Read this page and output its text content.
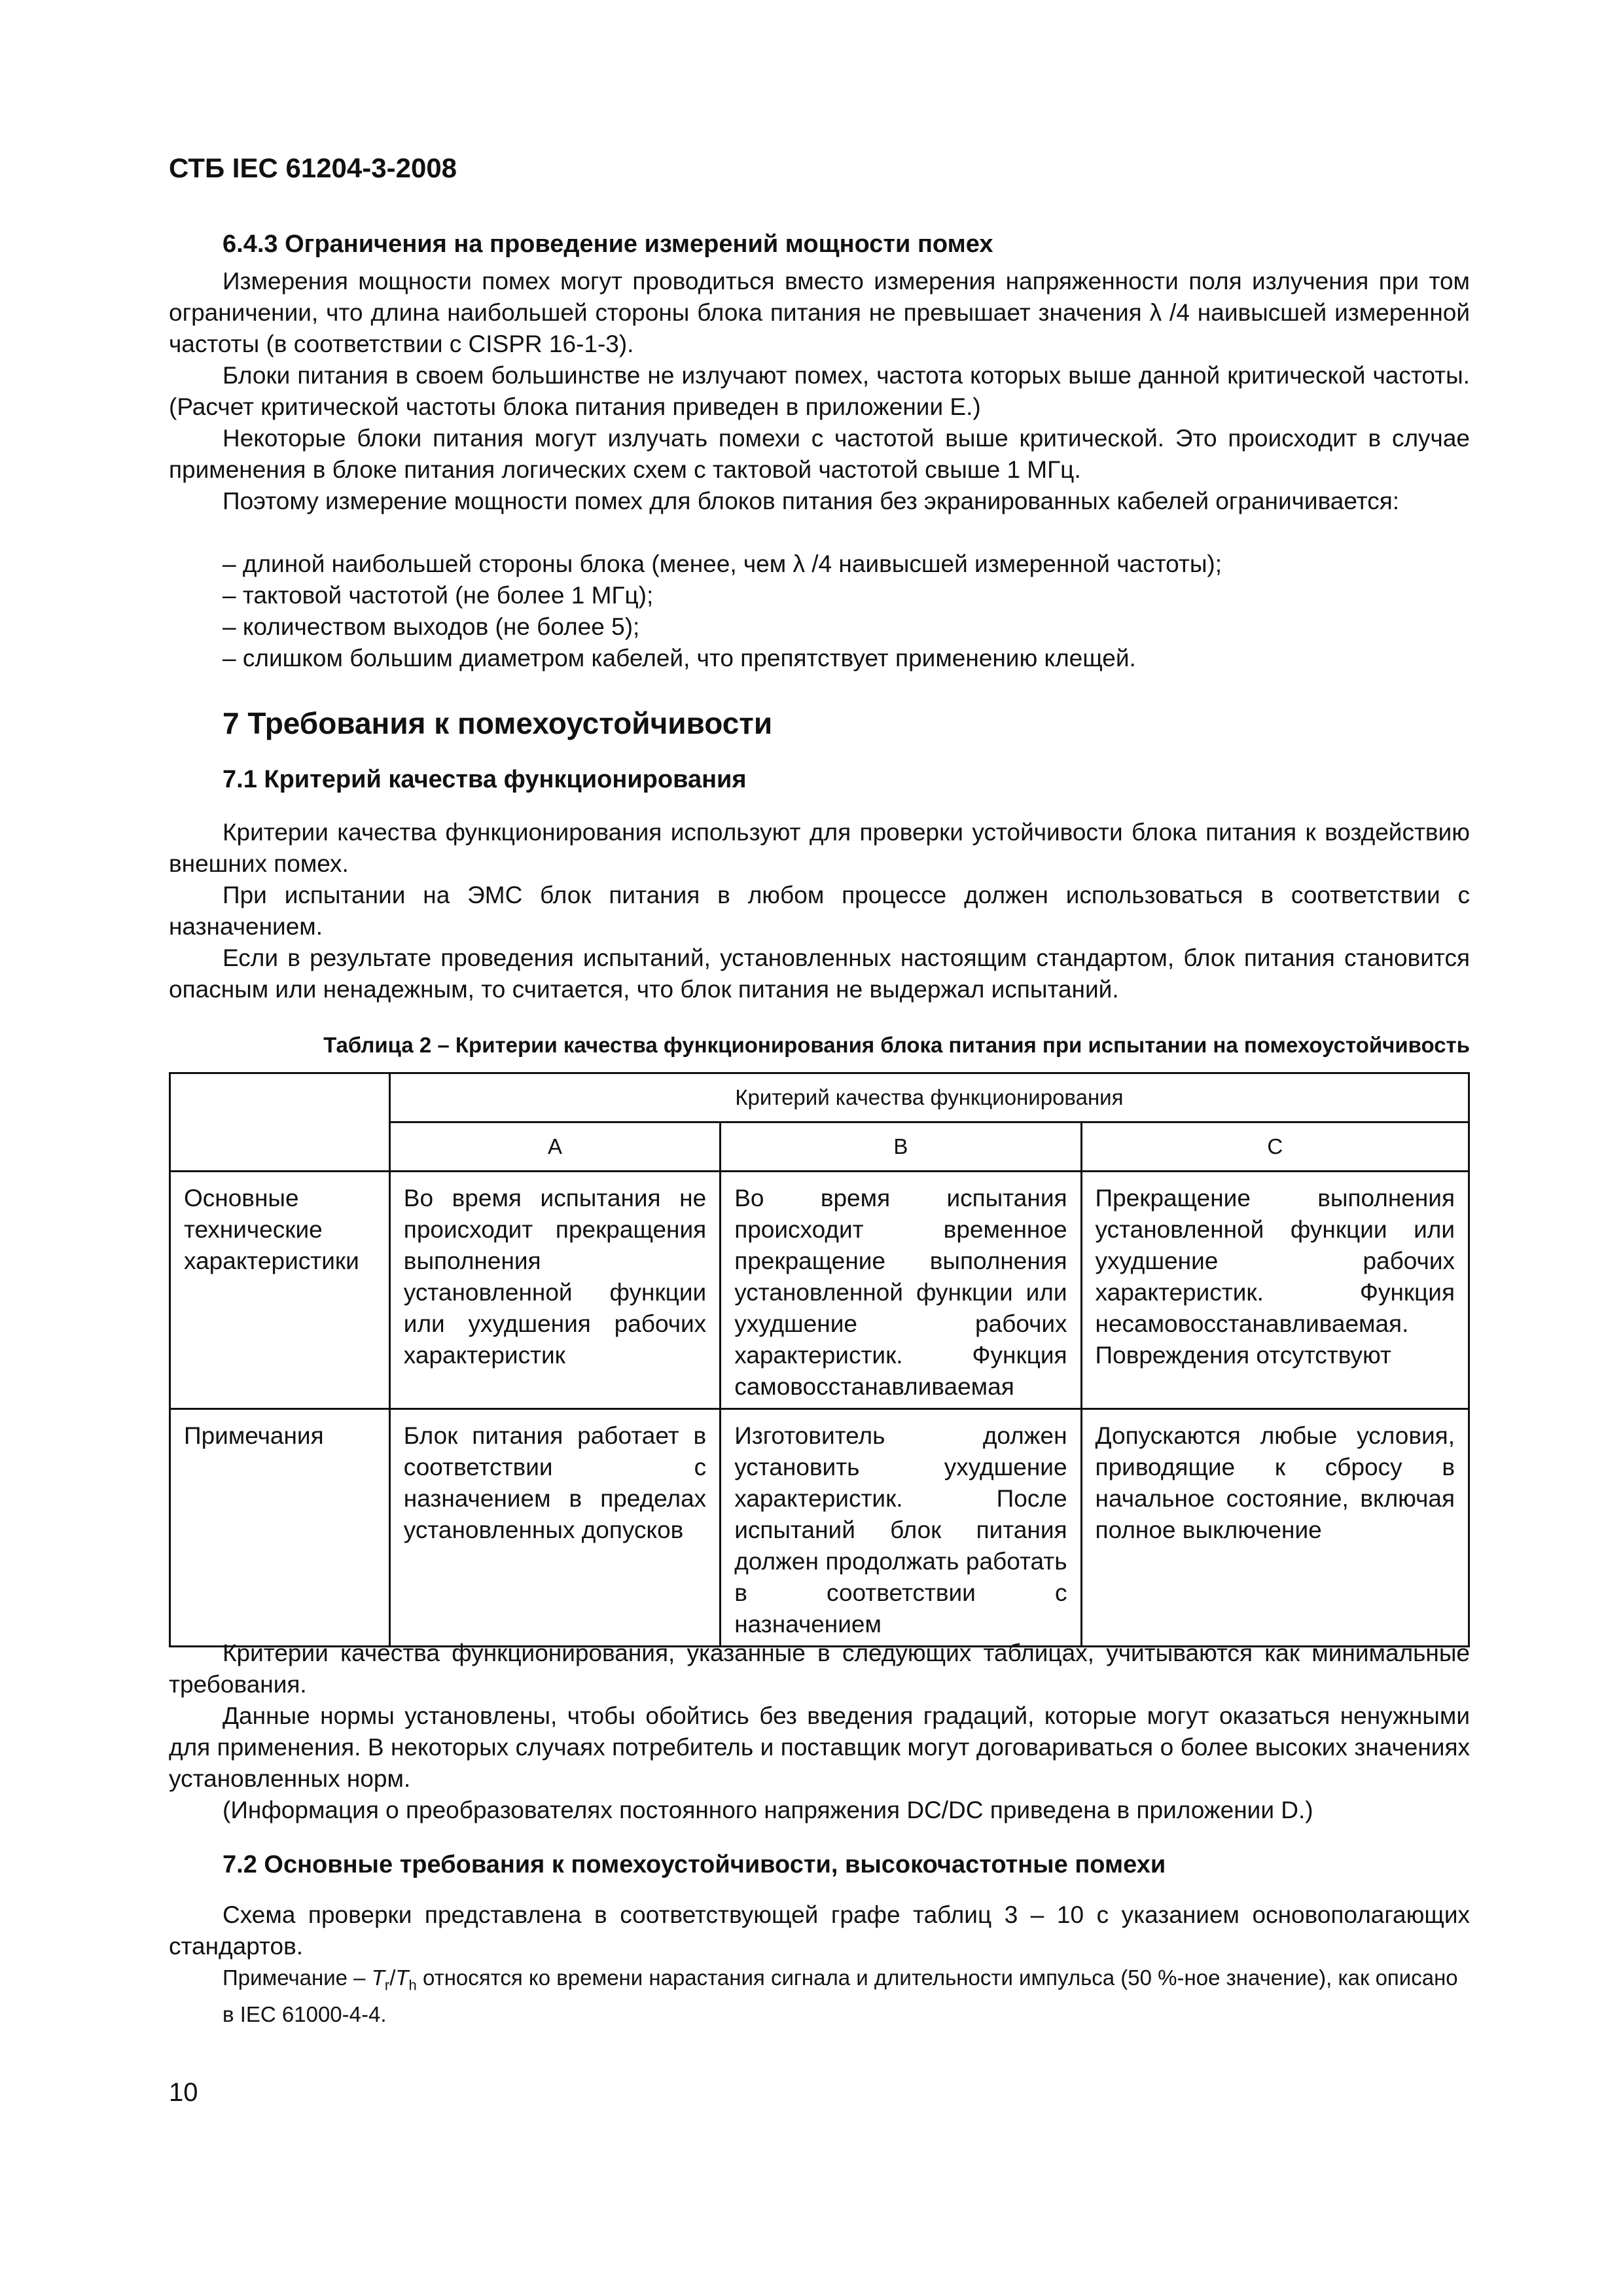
СТБ IEC 61204-3-2008
6.4.3 Ограничения на проведение измерений мощности помех

Измерения мощности помех могут проводиться вместо измерения напряженности поля излучения при том ограничении, что длина наибольшей стороны блока питания не превышает значения λ /4 наивысшей измеренной частоты (в соответствии с CISPR 16-1-3).

Блоки питания в своем большинстве не излучают помех, частота которых выше данной критической частоты. (Расчет критической частоты блока питания приведен в приложении E.)

Некоторые блоки питания могут излучать помехи с частотой выше критической. Это происходит в случае применения в блоке питания логических схем с тактовой частотой свыше 1 МГц.

Поэтому измерение мощности помех для блоков питания без экранированных кабелей ограничивается:

– длиной наибольшей стороны блока (менее, чем λ /4 наивысшей измеренной частоты);
– тактовой частотой (не более 1 МГц);
– количеством выходов (не более 5);
– слишком большим диаметром кабелей, что препятствует применению клещей.
7 Требования к помехоустойчивости
7.1 Критерий качества функционирования

Критерии качества функционирования используют для проверки устойчивости блока питания к воздействию внешних помех.

При испытании на ЭМС блок питания в любом процессе должен использоваться в соответствии с назначением.

Если в результате проведения испытаний, установленных настоящим стандартом, блок питания становится опасным или ненадежным, то считается, что блок питания не выдержал испытаний.

Таблица 2 – Критерии качества функционирования блока питания при испытании на помехоустойчивость
	Критерий качества функционирования		
	A	B	C
Основные технические характеристики	Во время испытания не происходит прекращения выполнения установленной функции или ухудшения рабочих характеристик	Во время испытания происходит временное прекращение выполнения установленной функции или ухудшение рабочих характеристик. Функция самовосстанавливаемая	Прекращение выполнения установленной функции или ухудшение рабочих характеристик. Функция несамовосстанавливаемая. Повреждения отсутствуют
Примечания	Блок питания работает в соответствии с назначением в пределах установленных допусков	Изготовитель должен установить ухудшение характеристик. После испытаний блок питания должен продолжать работать в соответствии с назначением	Допускаются любые условия, приводящие к сбросу в начальное состояние, включая полное выключение

Критерии качества функционирования, указанные в следующих таблицах, учитываются как минимальные требования.

Данные нормы установлены, чтобы обойтись без введения градаций, которые могут оказаться ненужными для применения. В некоторых случаях потребитель и поставщик могут договариваться о более высоких значениях установленных норм.

(Информация о преобразователях постоянного напряжения DC/DC приведена в приложении D.)

7.2 Основные требования к помехоустойчивости, высокочастотные помехи

Схема проверки представлена в соответствующей графе таблиц 3 – 10 с указанием основополагающих стандартов.

Примечание – $T_r/T_h$ относятся ко времени нарастания сигнала и длительности импульса (50 %-ное значение), как описано в IEC 61000-4-4.
10
